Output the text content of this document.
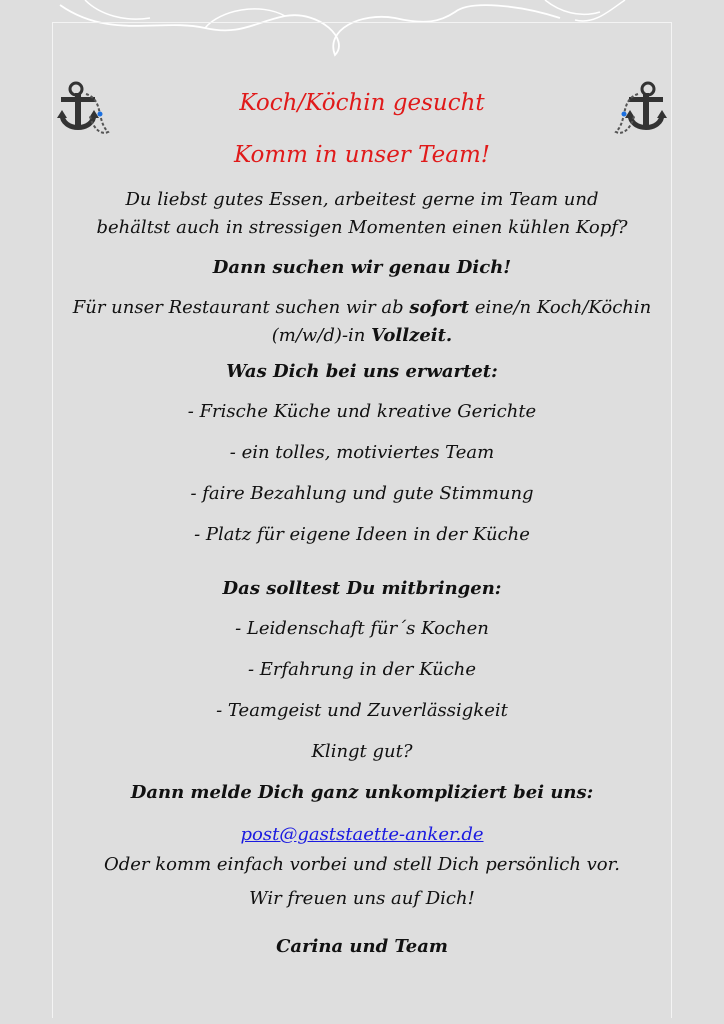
Koch/Köchin gesucht

Komm in unser Team!

Du liebst gutes Essen, arbeitest gerne im Team und behältst auch in stressigen Momenten einen kühlen Kopf?

Dann suchen wir genau Dich!

Für unser Restaurant suchen wir ab sofort eine/n Koch/Köchin (m/w/d)-in Vollzeit.

Was Dich bei uns erwartet:

- Frische Küche und kreative Gerichte

- ein tolles, motiviertes Team

- faire Bezahlung und gute Stimmung

- Platz für eigene Ideen in der Küche

Das solltest Du mitbringen:

- Leidenschaft für´s Kochen

- Erfahrung in der Küche

- Teamgeist und Zuverlässigkeit

Klingt gut?

Dann melde Dich ganz unkompliziert bei uns:

post@gaststaette-anker.de

Oder komm einfach vorbei und stell Dich persönlich vor.

Wir freuen uns auf Dich!

Carina und Team
